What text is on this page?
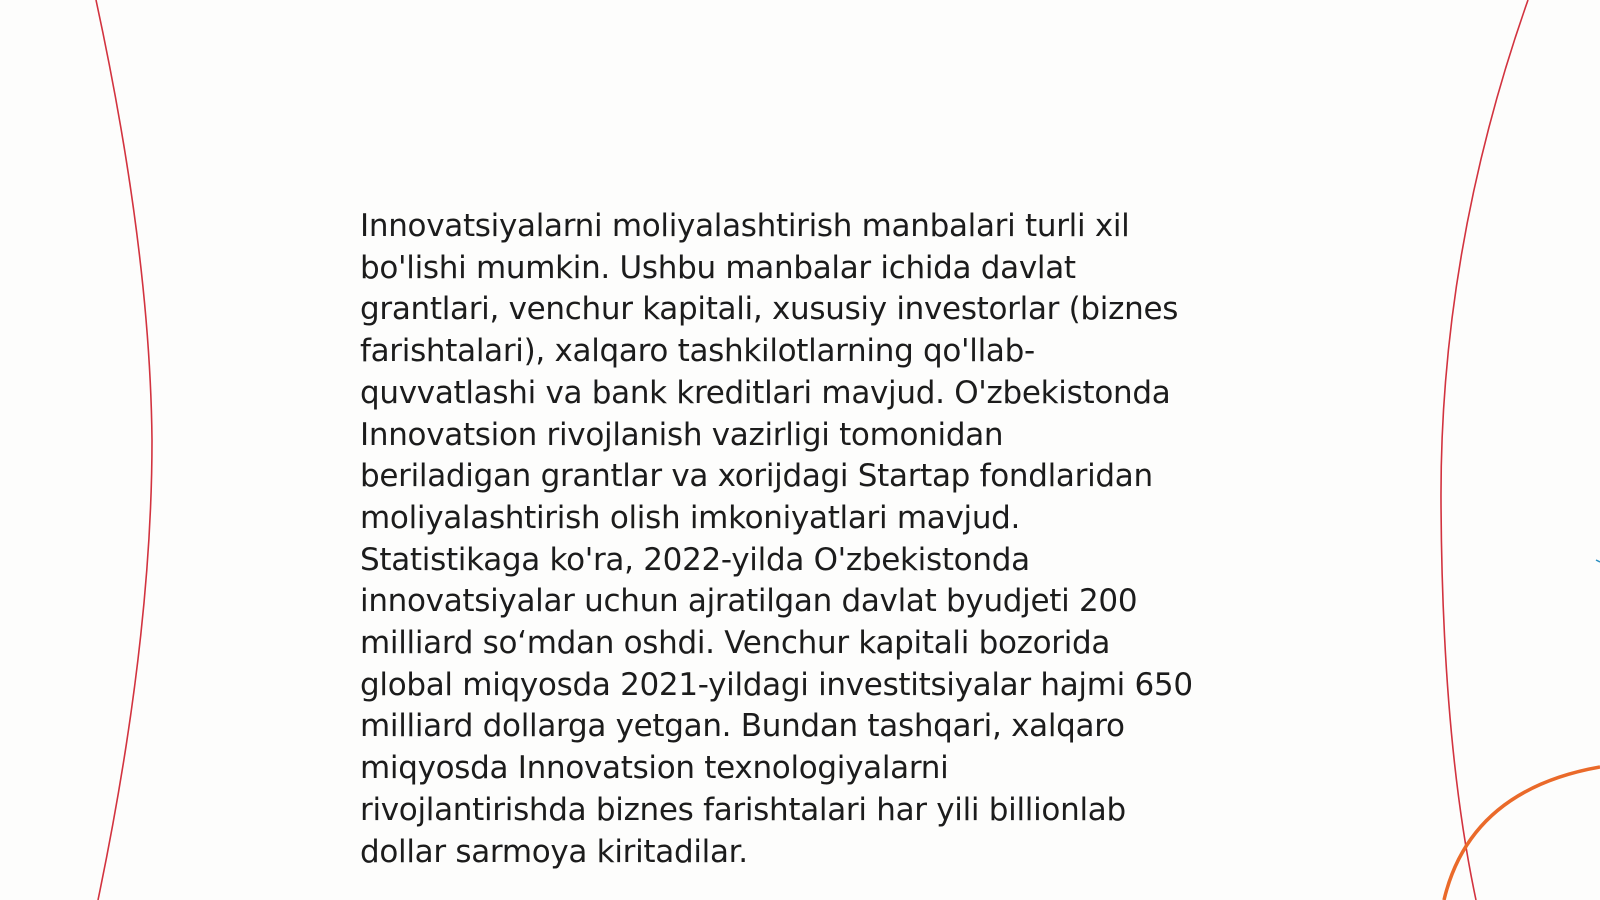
Innovatsiyalarni moliyalashtirish manbalari turli xil
bo'lishi mumkin. Ushbu manbalar ichida davlat
grantlari, venchur kapitali, xususiy investorlar (biznes
farishtalari), xalqaro tashkilotlarning qo'llab-
quvvatlashi va bank kreditlari mavjud. O'zbekistonda
Innovatsion rivojlanish vazirligi tomonidan
beriladigan grantlar va xorijdagi Startap fondlaridan
moliyalashtirish olish imkoniyatlari mavjud.
Statistikaga ko'ra, 2022-yilda O'zbekistonda
innovatsiyalar uchun ajratilgan davlat byudjeti 200
milliard so‘mdan oshdi. Venchur kapitali bozorida
global miqyosda 2021-yildagi investitsiyalar hajmi 650
milliard dollarga yetgan. Bundan tashqari, xalqaro
miqyosda Innovatsion texnologiyalarni
rivojlantirishda biznes farishtalari har yili billionlab
dollar sarmoya kiritadilar.
